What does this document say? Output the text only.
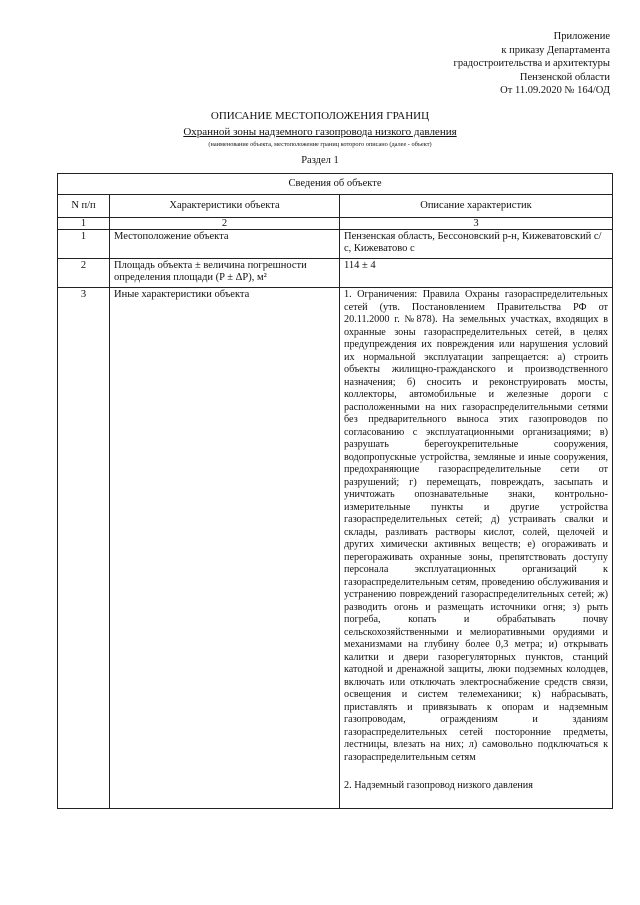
Приложение
к приказу Департамента
градостроительства и архитектуры
Пензенской области
От 11.09.2020 № 164/ОД
ОПИСАНИЕ МЕСТОПОЛОЖЕНИЯ ГРАНИЦ
Охранной зоны надземного газопровода низкого давления
(наименование объекта, местоположение границ которого описано (далее - объект)
Раздел 1
Сведения об объекте		
N п/п	Характеристики объекта	Описание характеристик
1	2	3
1	Местоположение объекта	Пензенская область, Бессоновский р-н, Кижеватовский с/с, Кижеватово с
2	Площадь объекта ± величина погрешности определения площади (P ± ΔP), м²	114 ± 4
3	Иные характеристики объекта	1. Ограничения: Правила Охраны газораспределительных сетей (утв. Постановлением Правительства РФ от 20.11.2000 г. №878). На земельных участках, входящих в охранные зоны газораспределительных сетей, в целях предупреждения их повреждения или нарушения условий их нормальной эксплуатации запрещается: а) строить объекты жилищно-гражданского и производственного назначения; б) сносить и реконструировать мосты, коллекторы, автомобильные и железные дороги с расположенными на них газораспределительными сетями без предварительного выноса этих газопроводов по согласованию с эксплуатационными организациями; в) разрушать берегоукрепительные сооружения, водопропускные устройства, земляные и иные сооружения, предохраняющие газораспределительные сети от разрушений; г) перемещать, повреждать, засыпать и уничтожать опознавательные знаки, контрольно-измерительные пункты и другие устройства газораспределительных сетей; д) устраивать свалки и склады, разливать растворы кислот, солей, щелочей и других химически активных веществ; е) огораживать и перегораживать охранные зоны, препятствовать доступу персонала эксплуатационных организаций к газораспределительным сетям, проведению обслуживания и устранению повреждений газораспределительных сетей; ж) разводить огонь и размещать источники огня; з) рыть погреба, копать и обрабатывать почву сельскохозяйственными и мелиоративными орудиями и механизмами на глубину более 0,3 метра; и) открывать калитки и двери газорегуляторных пунктов, станций катодной и дренажной защиты, люки подземных колодцев, включать или отключать электроснабжение средств связи, освещения и систем телемеханики; к) набрасывать, приставлять и привязывать к опорам и надземным газопроводам, ограждениям и зданиям газораспределительных сетей посторонние предметы, лестницы, влезать на них; л) самовольно подключаться к газораспределительным сетям
2. Надземный газопровод низкого давления
